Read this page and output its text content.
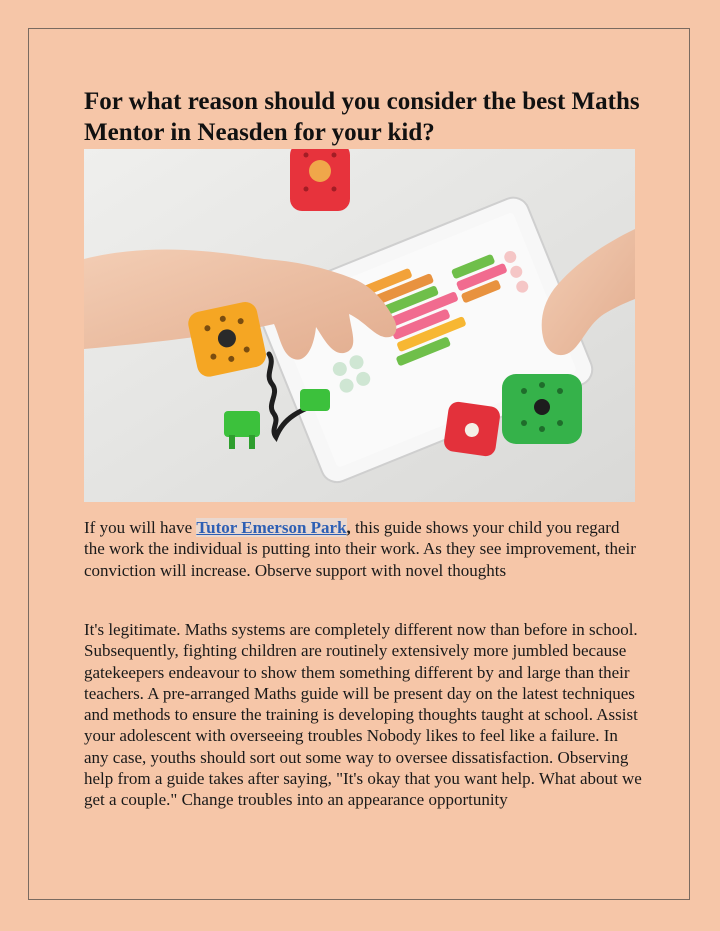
For what reason should you consider the best Maths Mentor in Neasden for your kid?

If you will have Tutor Emerson Park, this guide shows your child you regard the work the individual is putting into their work. As they see improvement, their conviction will increase. Observe support with novel thoughts

It's legitimate. Maths systems are completely different now than before in school. Subsequently, fighting children are routinely extensively more jumbled because gatekeepers endeavour to show them something different by and large than their teachers. A pre-arranged Maths guide will be present day on the latest techniques and methods to ensure the training is developing thoughts taught at school. Assist your adolescent with overseeing troubles Nobody likes to feel like a failure. In any case, youths should sort out some way to oversee dissatisfaction. Observing help from a guide takes after saying, "It's okay that you want help. What about we get a couple." Change troubles into an appearance opportunity
